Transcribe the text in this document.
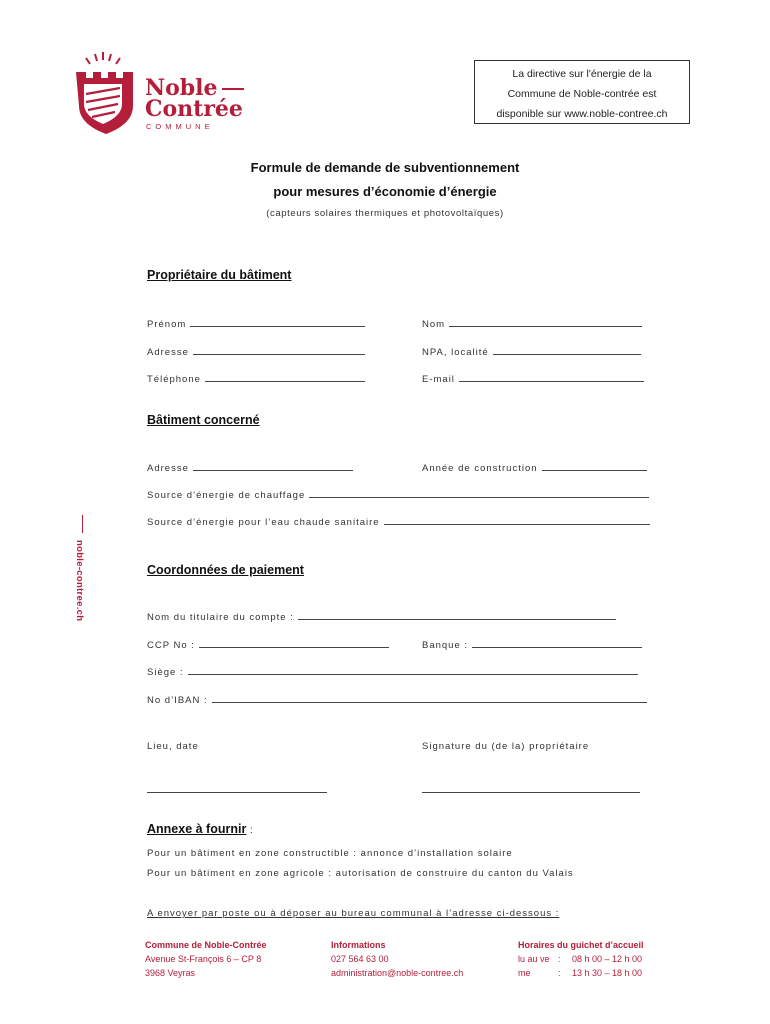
Noble
Contrée
COMMUNE
La directive sur l'énergie de la
Commune de Noble-contrée est
disponible sur www.noble-contree.ch
Formule de demande de subventionnement
pour mesures d’économie d’énergie
(capteurs solaires thermiques et photovoltaïques)
noble-contree.ch
Propriétaire du bâtiment
Prénom	Nom
Adresse	NPA, localité
Téléphone	E-mail
Bâtiment concerné
Adresse	Année de construction
Source d’énergie de chauffage
Source d’énergie pour l’eau chaude sanitaire
Coordonnées de paiement
Nom du titulaire du compte :
CCP No :	Banque :
Siège :
No d’IBAN :
Lieu, date	Signature du (de la) propriétaire
Annexe à fournir :
Pour un bâtiment en zone constructible : annonce d’installation solaire
Pour un bâtiment en zone agricole : autorisation de construire du canton du Valais
A envoyer par poste ou à déposer au bureau communal à l’adresse ci-dessous :
Commune de Noble-Contrée
Avenue St-François 6 – CP 8
3968 Veyras
Informations
027 564 63 00
administration@noble-contree.ch
Horaires du guichet d’accueil
lu au ve : 08 h 00 – 12 h 00
me	: 13 h 30 – 18 h 00
